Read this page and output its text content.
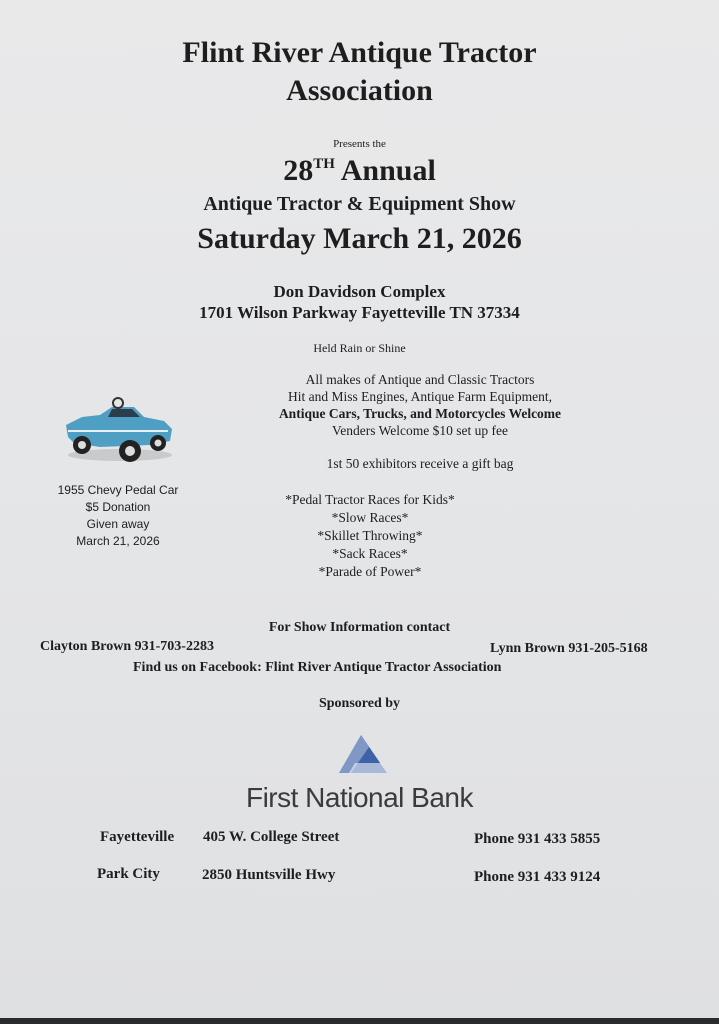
Flint River Antique Tractor
Association
Presents the
28TH Annual
Antique Tractor & Equipment Show
Saturday March 21, 2026
Don Davidson Complex
1701 Wilson Parkway Fayetteville TN 37334
Held Rain or Shine
All makes of Antique and Classic Tractors
Hit and Miss Engines, Antique Farm Equipment,
Antique Cars, Trucks, and Motorcycles Welcome
Venders Welcome $10 set up fee
1st 50 exhibitors receive a gift bag
1955 Chevy Pedal Car
$5 Donation
Given away
March 21, 2026
*Pedal Tractor Races for Kids*
*Slow Races*
*Skillet Throwing*
*Sack Races*
*Parade of Power*
For Show Information contact
Clayton Brown 931-703-2283	Lynn Brown 931-205-5168
Find us on Facebook: Flint River Antique Tractor Association
Sponsored by
First National Bank
Fayetteville 405 W. College Street	Phone 931 433 5855
Park City	2850 Huntsville Hwy	Phone 931 433 9124
